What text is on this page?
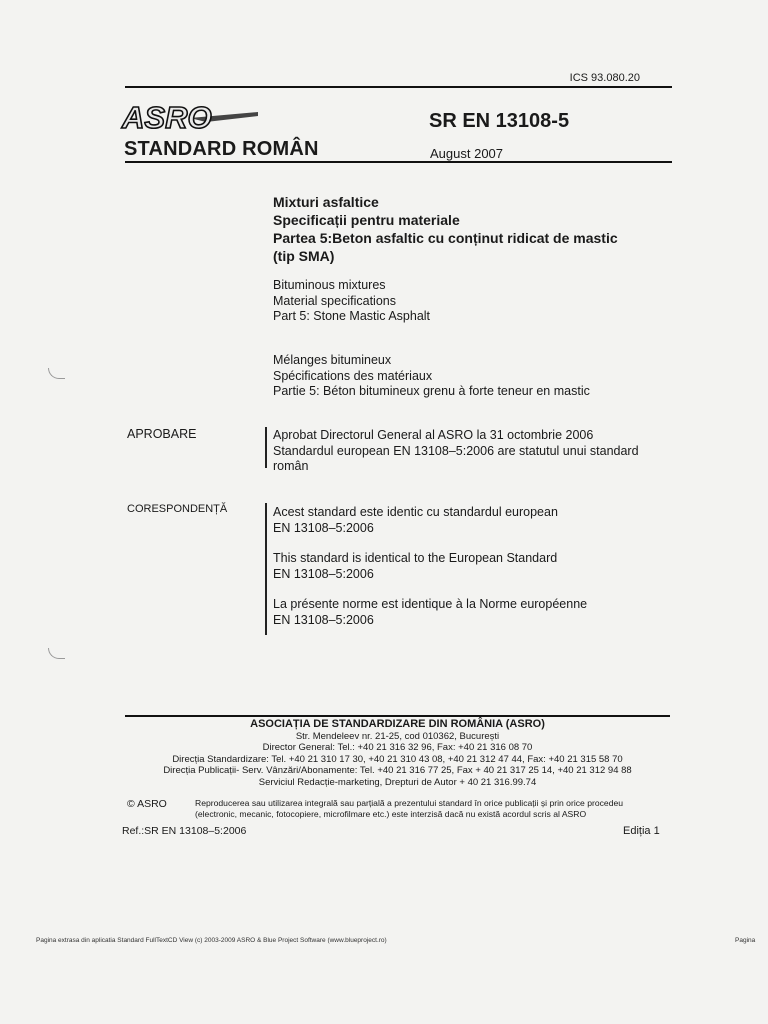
ICS 93.080.20
ASRO
STANDARD ROMÂN
SR EN 13108-5
August 2007
Mixturi asfaltice
Specificații pentru materiale
Partea 5:Beton asfaltic cu conținut ridicat de mastic
(tip SMA)
Bituminous mixtures
Material specifications
Part 5: Stone Mastic Asphalt
Mélanges bitumineux
Spécifications des matériaux
Partie 5: Béton bitumineux grenu à forte teneur en mastic
APROBARE	Aprobat Directorul General al ASRO la 31 octombrie 2006
Standardul european EN 13108–5:2006 are statutul unui standard
român
CORESPONDENȚĂ	Acest standard este identic cu standardul european
EN 13108–5:2006
This standard is identical to the European Standard
EN 13108–5:2006
La présente norme est identique à la Norme européenne
EN 13108–5:2006
ASOCIAȚIA DE STANDARDIZARE DIN ROMÂNIA (ASRO)
Str. Mendeleev nr. 21-25, cod 010362, București
Director General: Tel.: +40 21 316 32 96, Fax: +40 21 316 08 70
Direcția Standardizare: Tel. +40 21 310 17 30, +40 21 310 43 08, +40 21 312 47 44, Fax: +40 21 315 58 70
Direcția Publicații- Serv. Vânzări/Abonamente: Tel. +40 21 316 77 25, Fax + 40 21 317 25 14, +40 21 312 94 88
Serviciul Redacție-marketing, Drepturi de Autor + 40 21 316.99.74
© ASRO	Reproducerea sau utilizarea integrală sau parțială a prezentului standard în orice publicații și prin orice procedeu
(electronic, mecanic, fotocopiere, microfilmare etc.) este interzisă dacă nu există acordul scris al ASRO
Ref.:SR EN 13108–5:2006	Ediția 1
Pagina extrasa din aplicatia Standard FullTextCD View (c) 2003-2009 ASRO & Blue Project Software (www.blueproject.ro)	Pagina
